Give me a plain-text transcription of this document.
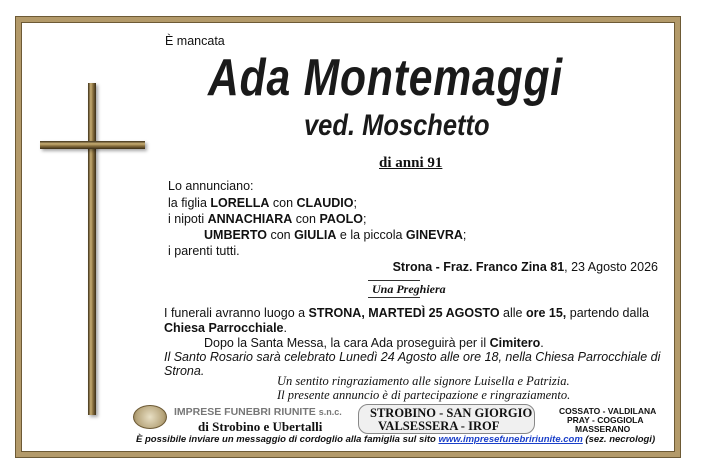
È mancata
Ada Montemaggi
ved. Moschetto
di anni 91
Lo annunciano:
la figlia LORELLA con CLAUDIO;
i nipoti ANNACHIARA con PAOLO;
UMBERTO con GIULIA e la piccola GINEVRA;
i parenti tutti.
Strona - Fraz. Franco Zina 81, 23 Agosto 2026
Una Preghiera
I funerali avranno luogo a STRONA, MARTEDÌ 25 AGOSTO alle ore 15, partendo dalla
Chiesa Parrocchiale.
Dopo la Santa Messa, la cara Ada proseguirà per il Cimitero.
Il Santo Rosario sarà celebrato Lunedì 24 Agosto alle ore 18, nella Chiesa Parrocchiale di
Strona.
Un sentito ringraziamento alle signore Luisella e Patrizia.
Il presente annuncio è di partecipazione e ringraziamento.
IMPRESE FUNEBRI RIUNITE s.n.c.
di Strobino e Ubertalli
STROBINO - SAN GIORGIO
VALSESSERA - IROF
COSSATO - VALDILANA
PRAY - COGGIOLA
MASSERANO
È possibile inviare un messaggio di cordoglio alla famiglia sul sito www.impresefunebririunite.com (sez. necrologi)
